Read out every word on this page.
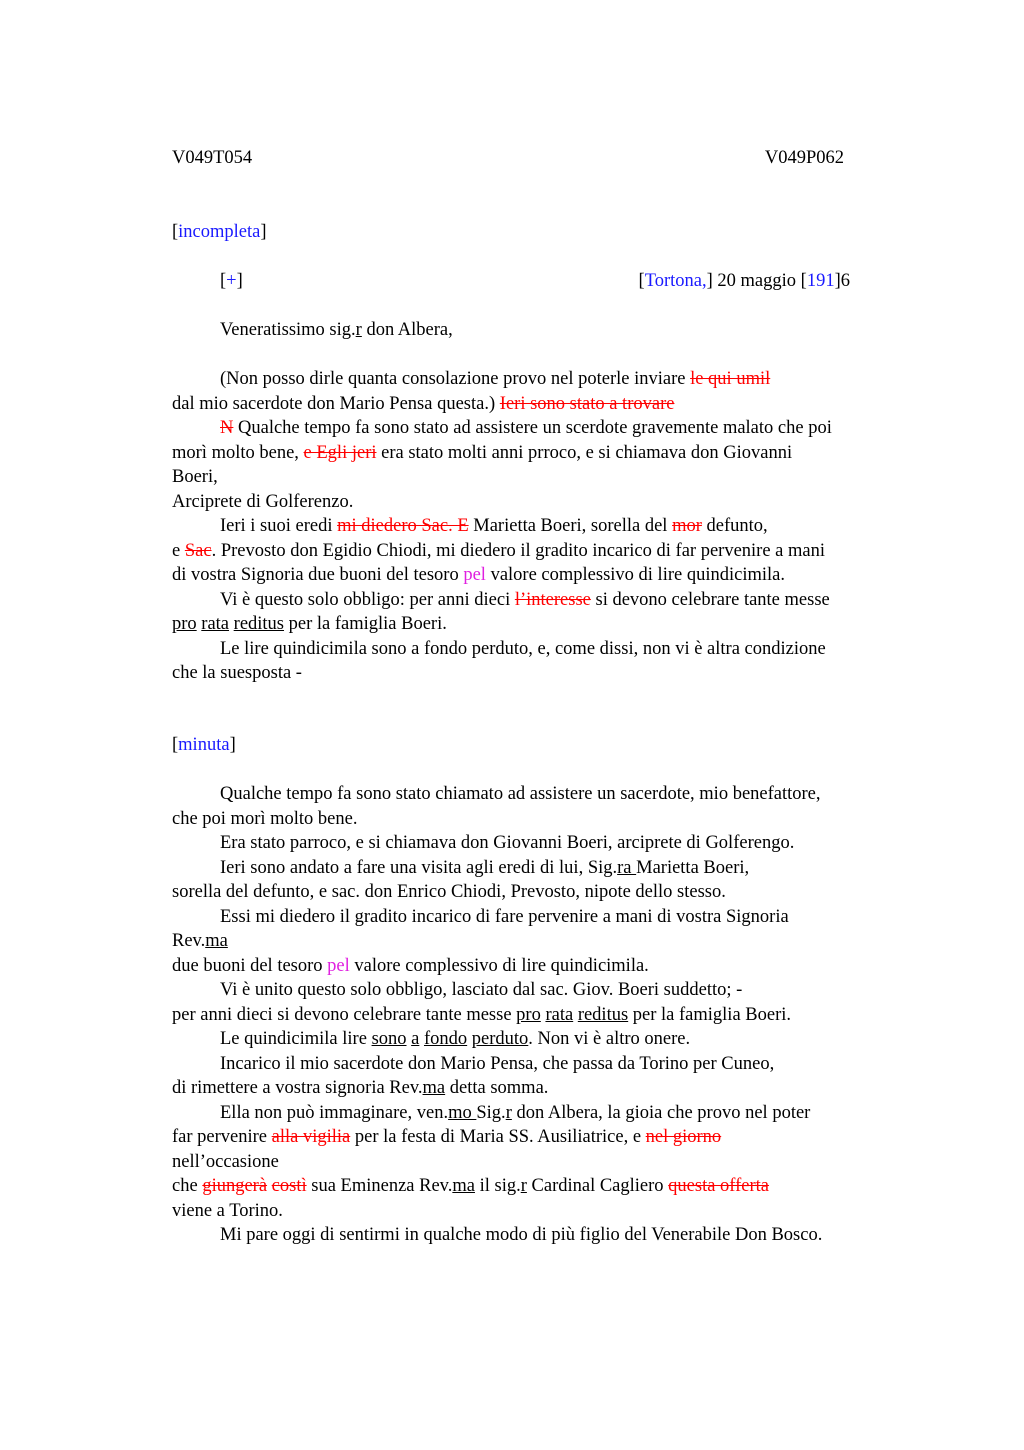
V049T054	V049P062
[incompleta]
[+]	[Tortona,] 20 maggio [191]6
Veneratissimo sig.r don Albera,
(Non posso dirle quanta consolazione provo nel poterle inviare le qui umil
dal mio sacerdote don Mario Pensa questa.) Ieri sono stato a trovare
N Qualche tempo fa sono stato ad assistere un scerdote gravemente malato che poi
morì molto bene, e Egli jeri era stato molti anni prroco, e si chiamava don Giovanni
Boeri,
Arciprete di Golferenzo.
Ieri i suoi eredi mi diedero Sac. E Marietta Boeri, sorella del mor defunto,
e Sac. Prevosto don Egidio Chiodi, mi diedero il gradito incarico di far pervenire a mani
di vostra Signoria due buoni del tesoro pel valore complessivo di lire quindicimila.
Vi è questo solo obbligo: per anni dieci l’interesse si devono celebrare tante messe
pro rata reditus per la famiglia Boeri.
Le lire quindicimila sono a fondo perduto, e, come dissi, non vi è altra condizione
che la suesposta -
[minuta]
Qualche tempo fa sono stato chiamato ad assistere un sacerdote, mio benefattore,
che poi morì molto bene.
Era stato parroco, e si chiamava don Giovanni Boeri, arciprete di Golferengo.
Ieri sono andato a fare una visita agli eredi di lui, Sig.ra Marietta Boeri,
sorella del defunto, e sac. don Enrico Chiodi, Prevosto, nipote dello stesso.
Essi mi diedero il gradito incarico di fare pervenire a mani di vostra Signoria
Rev.ma
due buoni del tesoro pel valore complessivo di lire quindicimila.
Vi è unito questo solo obbligo, lasciato dal sac. Giov. Boeri suddetto; -
per anni dieci si devono celebrare tante messe pro rata reditus per la famiglia Boeri.
Le quindicimila lire sono a fondo perduto. Non vi è altro onere.
Incarico il mio sacerdote don Mario Pensa, che passa da Torino per Cuneo,
di rimettere a vostra signoria Rev.ma detta somma.
Ella non può immaginare, ven.mo Sig.r don Albera, la gioia che provo nel poter
far pervenire alla vigilia per la festa di Maria SS. Ausiliatrice, e nel giorno
nell’occasione
che giungerà costì sua Eminenza Rev.ma il sig.r Cardinal Cagliero questa offerta
viene a Torino.
Mi pare oggi di sentirmi in qualche modo di più figlio del Venerabile Don Bosco.
